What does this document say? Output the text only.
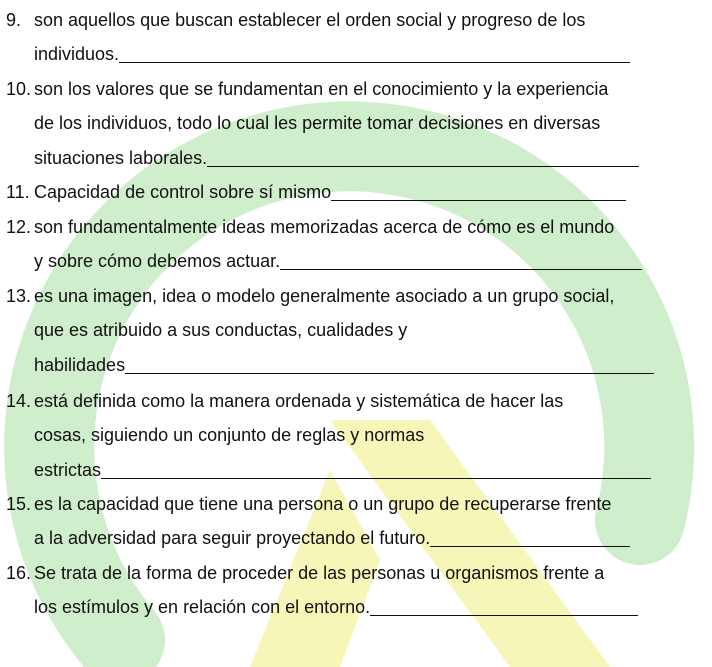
9. son aquellos que buscan establecer el orden social y progreso de los
individuos.
10. son los valores que se fundamentan en el conocimiento y la experiencia
de los individuos, todo lo cual les permite tomar decisiones en diversas
situaciones laborales.
11. Capacidad de control sobre sí mismo
12. son fundamentalmente ideas memorizadas acerca de cómo es el mundo
y sobre cómo debemos actuar.
13. es una imagen, idea o modelo generalmente asociado a un grupo social,
que es atribuido a sus conductas, cualidades y
habilidades
14. está definida como la manera ordenada y sistemática de hacer las
cosas, siguiendo un conjunto de reglas y normas
estrictas
15. es la capacidad que tiene una persona o un grupo de recuperarse frente
a la adversidad para seguir proyectando el futuro.
16. Se trata de la forma de proceder de las personas u organismos frente a
los estímulos y en relación con el entorno.
